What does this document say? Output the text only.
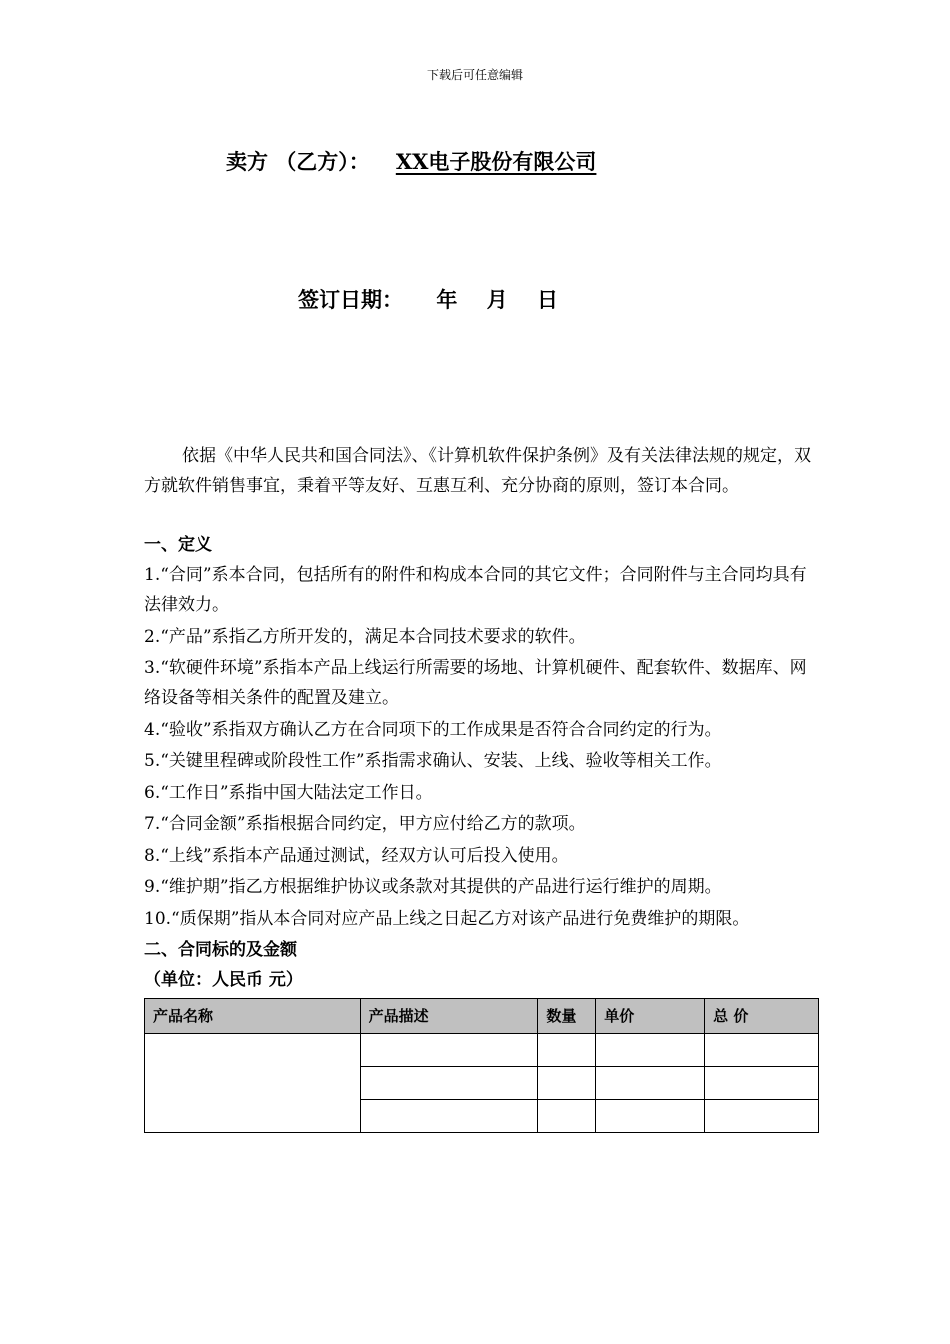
下载后可任意编辑
卖方 （乙方）： XX电子股份有限公司
签订日期： 年 月 日

依据《中华人民共和国合同法》、《计算机软件保护条例》及有关法律法规的规定，双方就软件销售事宜，秉着平等友好、互惠互利、充分协商的原则，签订本合同。

一、定义

1.“合同”系本合同，包括所有的附件和构成本合同的其它文件；合同附件与主合同均具有法律效力。
2.“产品”系指乙方所开发的，满足本合同技术要求的软件。
3.“软硬件环境”系指本产品上线运行所需要的场地、计算机硬件、配套软件、数据库、网络设备等相关条件的配置及建立。
4.“验收”系指双方确认乙方在合同项下的工作成果是否符合合同约定的行为。
5.“关键里程碑或阶段性工作”系指需求确认、安装、上线、验收等相关工作。
6.“工作日”系指中国大陆法定工作日。
7.“合同金额”系指根据合同约定，甲方应付给乙方的款项。
8.“上线”系指本产品通过测试，经双方认可后投入使用。
9.“维护期”指乙方根据维护协议或条款对其提供的产品进行运行维护的周期。
10.“质保期”指从本合同对应产品上线之日起乙方对该产品进行免费维护的期限。

二、合同标的及金额

（单位：人民币 元）

产品名称	产品描述	数量	单价	总 价
